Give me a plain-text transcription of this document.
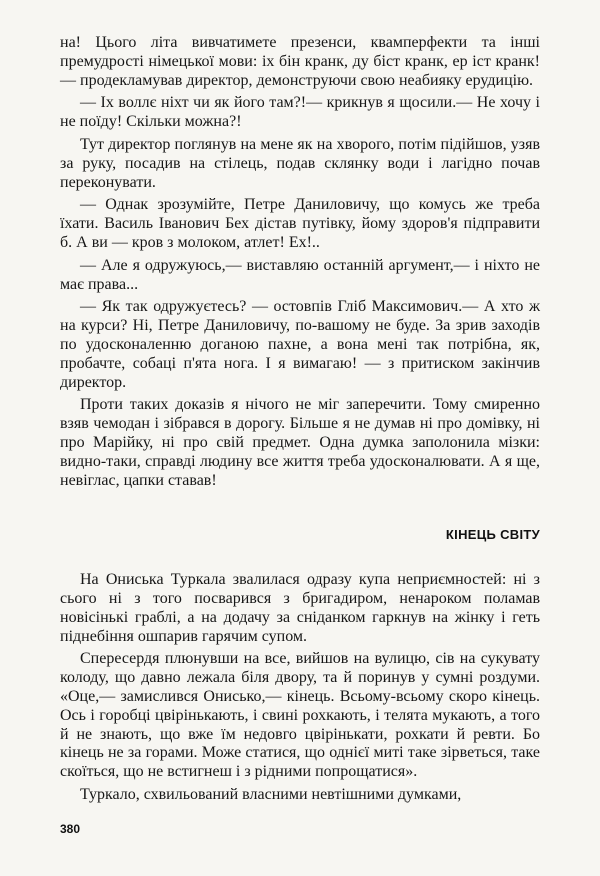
на! Цього літа вивчатимете презенси, квамперфекти та інші премудрості німецької мови: іх бін кранк, ду біст кранк, ер іст кранк!— продекламував директор, демонструючи свою неабияку ерудицію.

— Іх воллє ніхт чи як його там?!— крикнув я щосили.— Не хочу і не поїду! Скільки можна?!

Тут директор поглянув на мене як на хворого, потім підійшов, узяв за руку, посадив на стілець, подав склянку води і лагідно почав переконувати.

— Однак зрозумійте, Петре Даниловичу, що комусь же треба їхати. Василь Іванович Бех дістав путівку, йому здоров'я підправити б. А ви — кров з молоком, атлет! Ех!..

— Але я одружуюсь,— виставляю останній аргумент,— і ніхто не має права...

— Як так одружуєтесь? — остовпів Гліб Максимович.— А хто ж на курси? Ні, Петре Даниловичу, по-вашому не буде. За зрив заходів по удосконаленню доганою пахне, а вона мені так потрібна, як, пробачте, собаці п'ята нога. І я вимагаю! — з притиском закінчив директор.

Проти таких доказів я нічого не міг заперечити. Тому смиренно взяв чемодан і зібрався в дорогу. Більше я не думав ні про домівку, ні про Марійку, ні про свій предмет. Одна думка заполонила мізки: видно-таки, справді людину все життя треба удосконалювати. А я ще, невіглас, цапки ставав!

КІНЕЦЬ СВІТУ

На Ониська Туркала звалилася одразу купа неприємностей: ні з сього ні з того посварився з бригадиром, ненароком поламав новісінькі граблі, а на додачу за сніданком гаркнув на жінку і геть піднебіння ошпарив гарячим супом.

Спересердя плюнувши на все, вийшов на вулицю, сів на сукувату колоду, що давно лежала біля двору, та й поринув у сумні роздуми. «Оце,— замислився Онисько,— кінець. Всьому-всьому скоро кінець. Ось і горобці цвірінькають, і свині рохкають, і телята мукають, а того й не знають, що вже їм недовго цвірінькати, рохкати й ревти. Бо кінець не за горами. Може статися, що однієї миті таке зірветься, таке скоїться, що не встигнеш і з рідними попрощатися».

Туркало, схвильований власними невтішними думками,

380
